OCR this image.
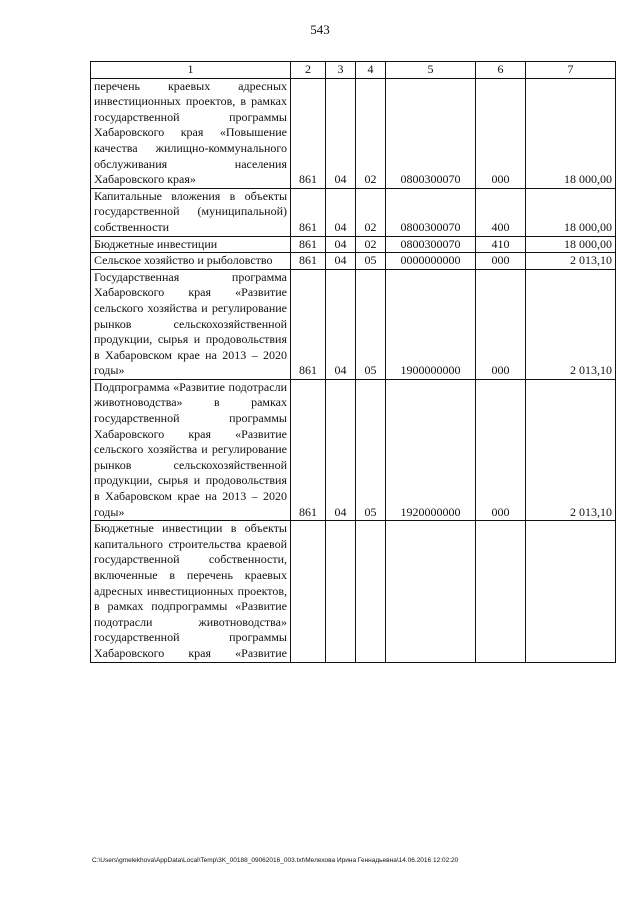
543
1	2	3	4	5	6	7
перечень краевых адресных инвестиционных проектов, в рамках государственной программы Хабаровского края «Повышение качества жилищно-коммунального обслуживания населения Хабаровского края»	861	04	02	0800300070	000	18 000,00
Капитальные вложения в объекты государственной (муниципальной) собственности	861	04	02	0800300070	400	18 000,00
Бюджетные инвестиции	861	04	02	0800300070	410	18 000,00
Сельское хозяйство и рыболовство	861	04	05	0000000000	000	2 013,10
Государственная программа Хабаровского края «Развитие сельского хозяйства и регулирование рынков сельскохозяйственной продукции, сырья и продовольствия в Хабаровском крае на 2013 – 2020 годы»	861	04	05	1900000000	000	2 013,10
Подпрограмма «Развитие подотрасли животноводства» в рамках государственной программы Хабаровского края «Развитие сельского хозяйства и регулирование рынков сельскохозяйственной продукции, сырья и продовольствия в Хабаровском крае на 2013 – 2020 годы»	861	04	05	1920000000	000	2 013,10
Бюджетные инвестиции в объекты капитального строительства краевой государственной собственности, включенные в перечень краевых адресных инвестиционных проектов, в рамках подпрограммы «Развитие подотрасли животноводства» государственной программы Хабаровского края «Развитие						
C:\Users\gmelekhova\AppData\Local\Temp\3K_00188_09062016_003.txt\Мелехова Ирина Геннадьевна\14.06.2016 12:02:20
